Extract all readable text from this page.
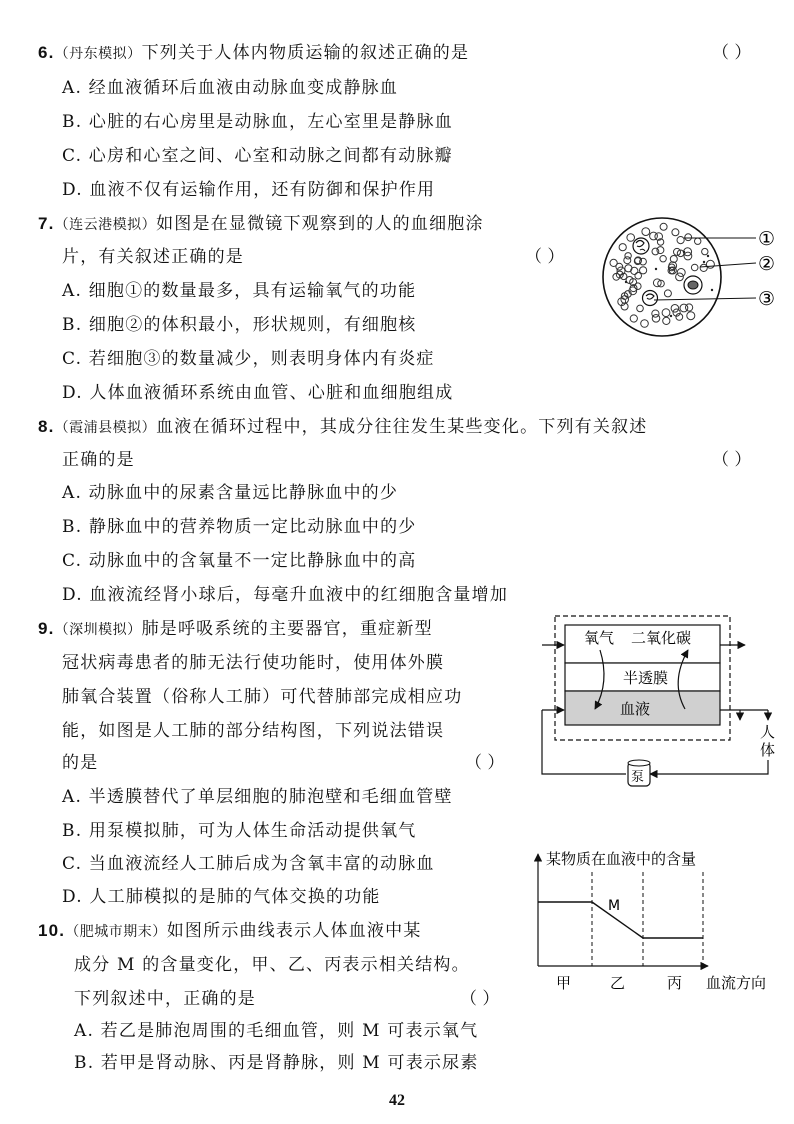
6.（丹东模拟）下列关于人体内物质运输的叙述正确的是	（ ）
A. 经血液循环后血液由动脉血变成静脉血
B. 心脏的右心房里是动脉血，左心室里是静脉血
C. 心房和心室之间、心室和动脉之间都有动脉瓣
D. 血液不仅有运输作用，还有防御和保护作用
7.（连云港模拟）如图是在显微镜下观察到的人的血细胞涂
片，有关叙述正确的是	（ ）
A. 细胞①的数量最多，具有运输氧气的功能
B. 细胞②的体积最小，形状规则，有细胞核
C. 若细胞③的数量减少，则表明身体内有炎症
D. 人体血液循环系统由血管、心脏和血细胞组成
①
②
③
8.（霞浦县模拟）血液在循环过程中，其成分往往发生某些变化。下列有关叙述
正确的是	（ ）
A. 动脉血中的尿素含量远比静脉血中的少
B. 静脉血中的营养物质一定比动脉血中的少
C. 动脉血中的含氧量不一定比静脉血中的高
D. 血液流经肾小球后，每毫升血液中的红细胞含量增加
9.（深圳模拟）肺是呼吸系统的主要器官，重症新型
冠状病毒患者的肺无法行使功能时，使用体外膜
肺氧合装置（俗称人工肺）可代替肺部完成相应功
能，如图是人工肺的部分结构图，下列说法错误
的是	（ ）
A. 半透膜替代了单层细胞的肺泡壁和毛细血管壁
B. 用泵模拟肺，可为人体生命活动提供氧气
C. 当血液流经人工肺后成为含氧丰富的动脉血
D. 人工肺模拟的是肺的气体交换的功能
氧气 二氧化碳
半透膜
血液
人
体
泵
10.（肥城市期末）如图所示曲线表示人体血液中某
成分 M 的含量变化，甲、乙、丙表示相关结构。
下列叙述中，正确的是	（ ）
A. 若乙是肺泡周围的毛细血管，则 M 可表示氧气
B. 若甲是肾动脉、丙是肾静脉，则 M 可表示尿素
某物质在血液中的含量
M
甲	乙	丙 血流方向
42
